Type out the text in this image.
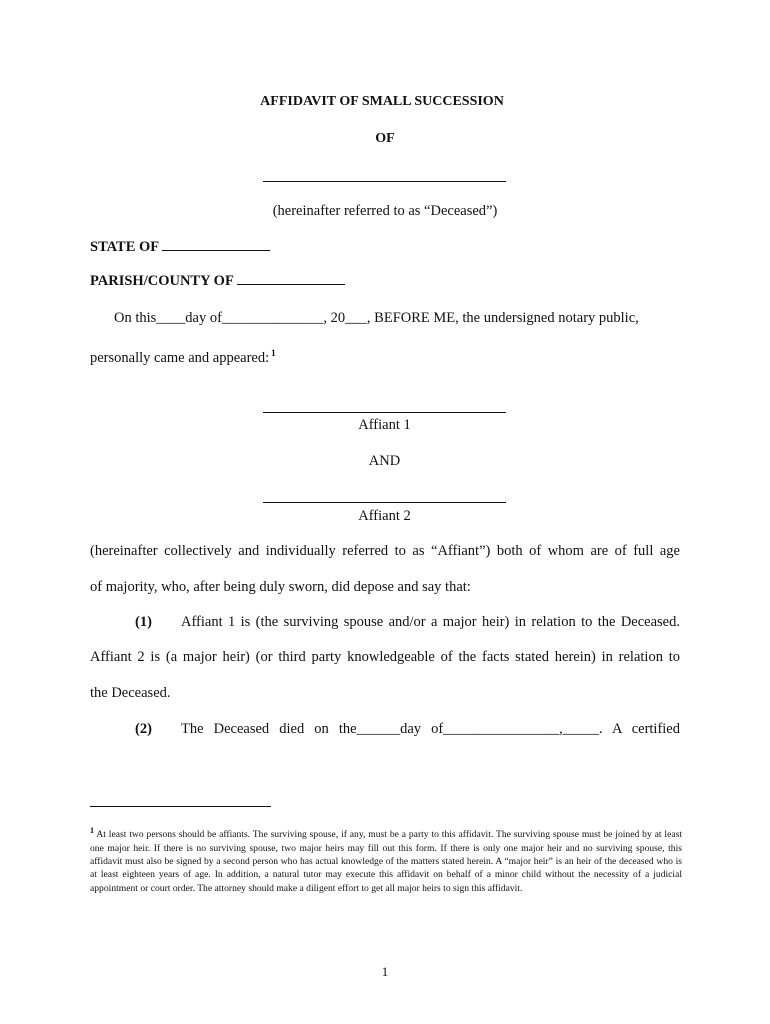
AFFIDAVIT OF SMALL SUCCESSION
OF
(hereinafter referred to as “Deceased”)
STATE OF
PARISH/COUNTY OF
On this____day of______________, 20___, BEFORE ME, the undersigned notary public,
personally came and appeared: $^1$
Affiant 1
AND
Affiant 2
(hereinafter collectively and individually referred to as “Affiant”) both of whom are of full age
of majority, who, after being duly sworn, did depose and say that:
(1) Affiant 1 is (the surviving spouse and/or a major heir) in relation to the Deceased.
Affiant 2 is (a major heir) (or third party knowledgeable of the facts stated herein) in relation to
the Deceased.
(2) The Deceased died on the______day of________________,_____. A certified
$^1$ At least two persons should be affiants. The surviving spouse, if any, must be a party to this affidavit. The surviving spouse must be joined by at least one major heir. If there is no surviving spouse, two major heirs may fill out this form. If there is only one major heir and no surviving spouse, this affidavit must also be signed by a second person who has actual knowledge of the matters stated herein. A “major heir” is an heir of the deceased who is at least eighteen years of age. In addition, a natural tutor may execute this affidavit on behalf of a minor child without the necessity of a judicial appointment or court order. The attorney should make a diligent effort to get all major heirs to sign this affidavit.
1
